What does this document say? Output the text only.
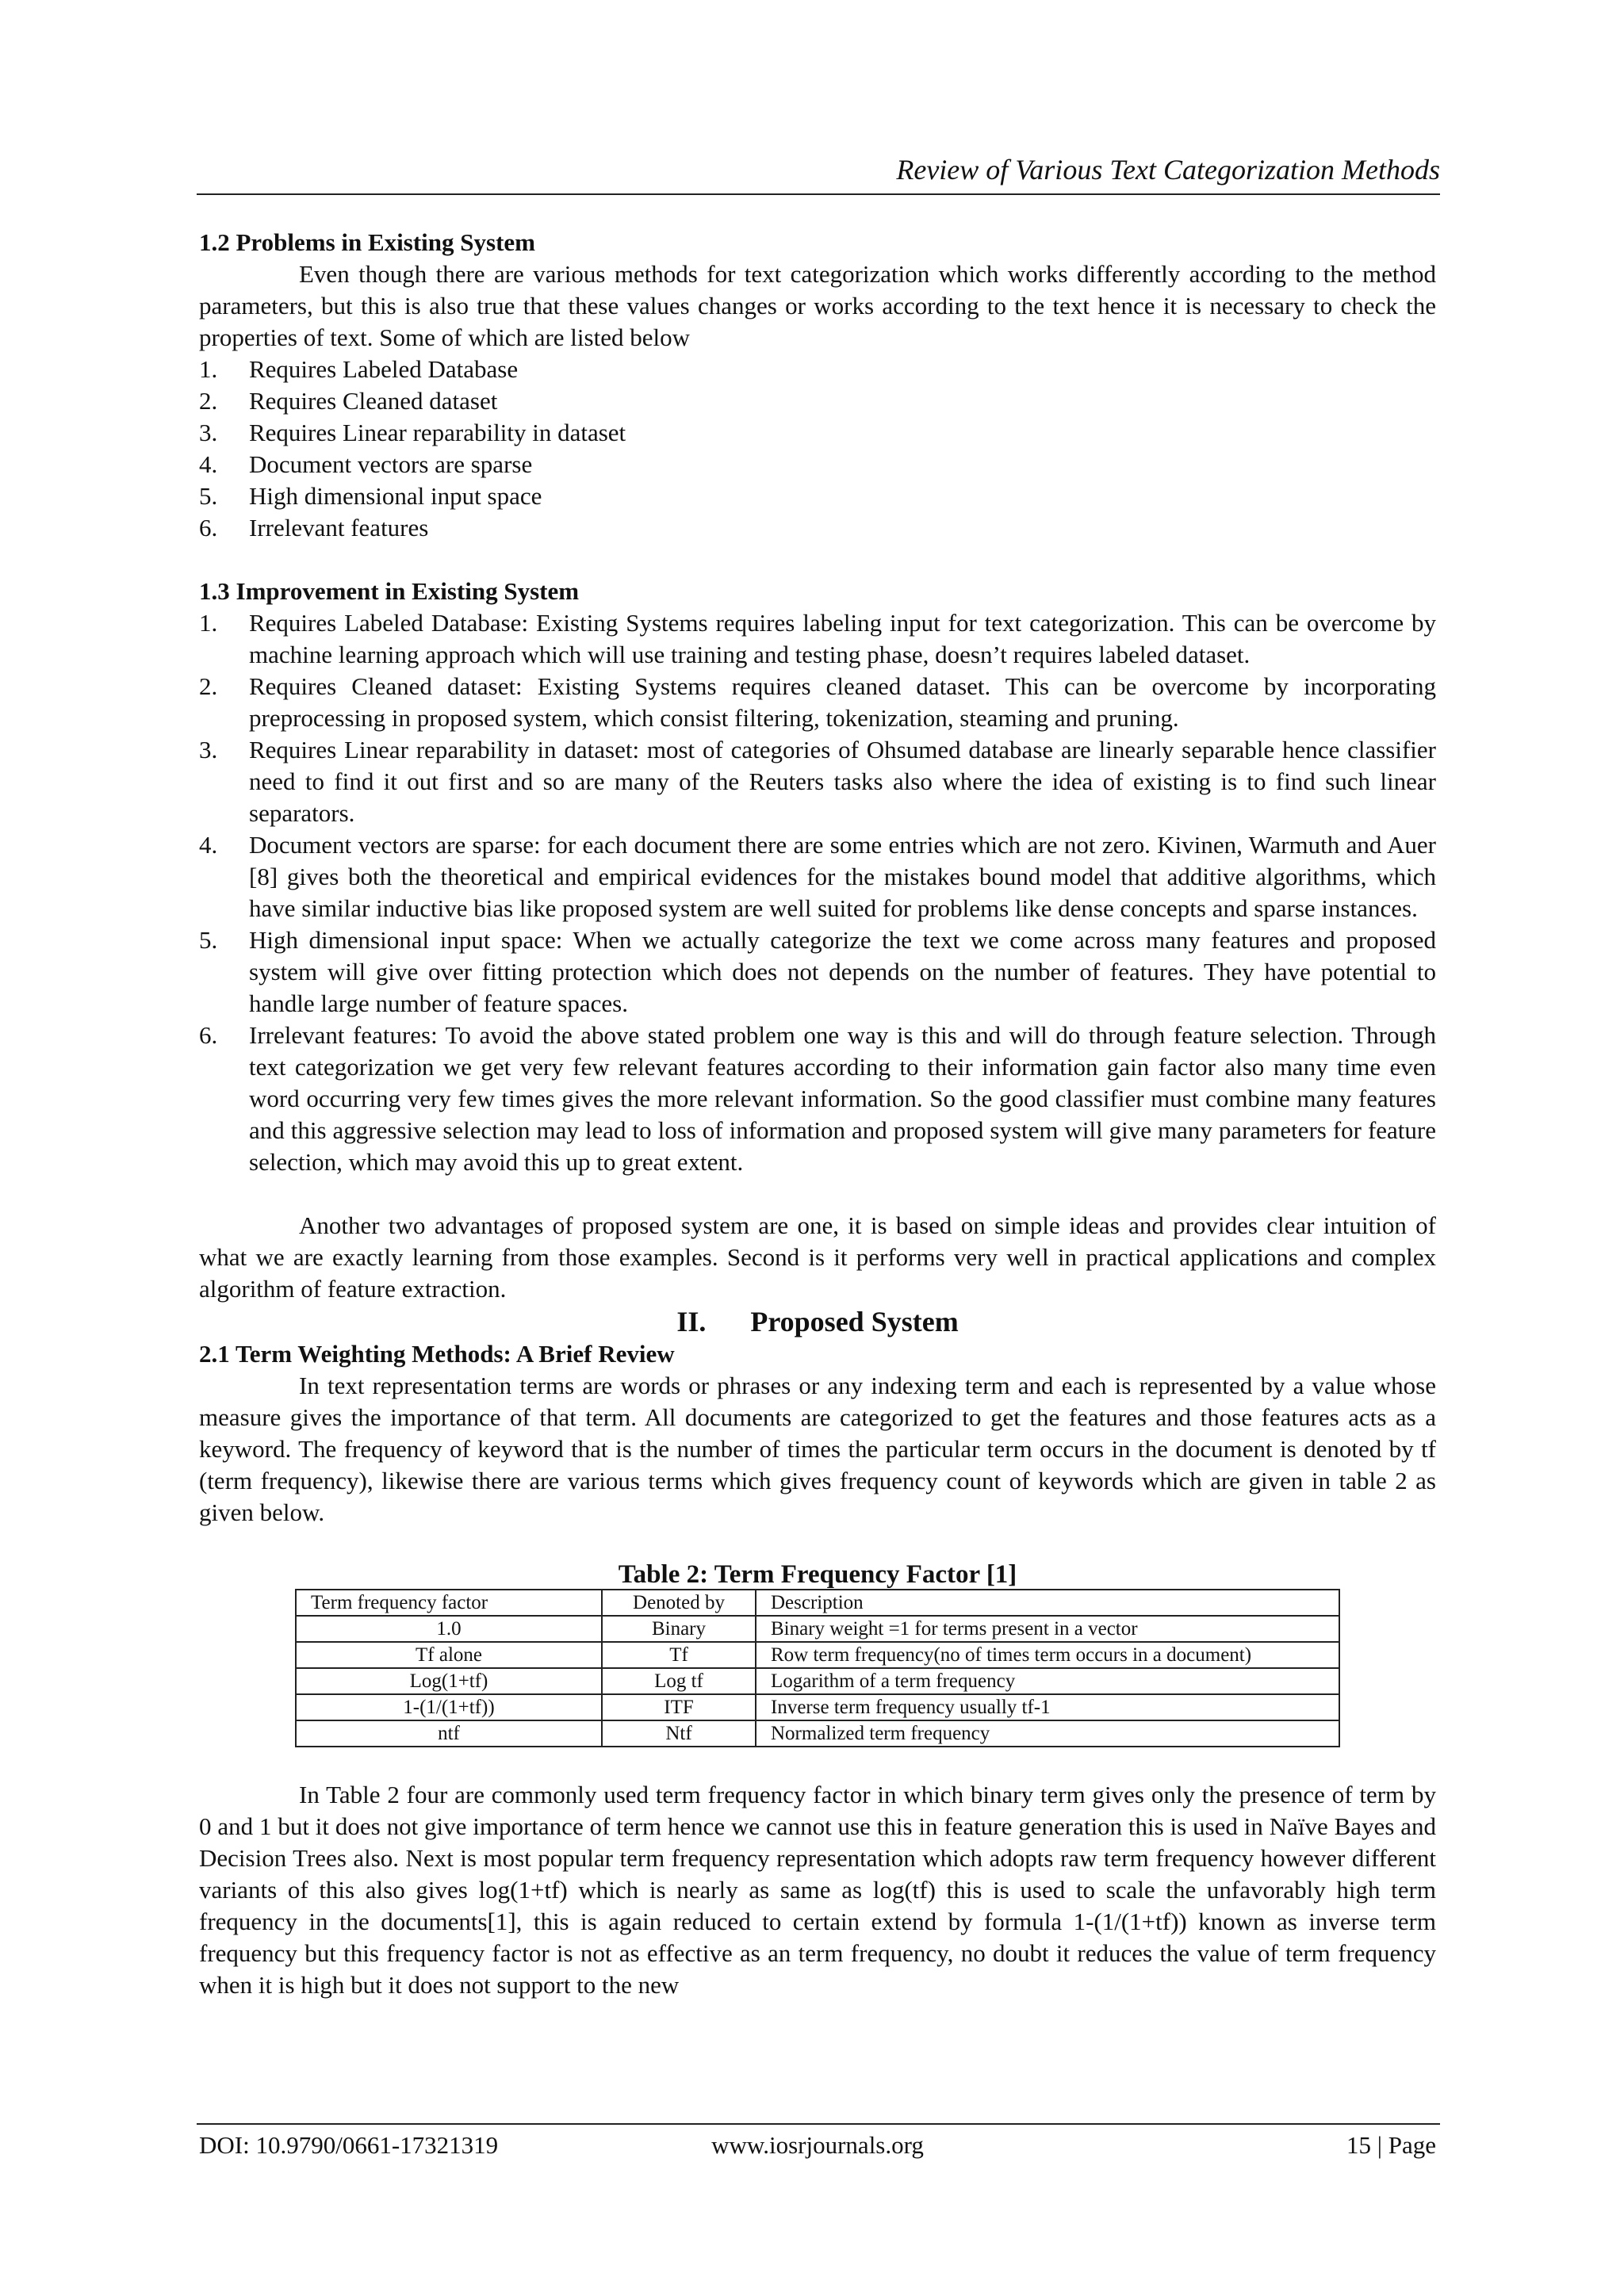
Review of Various Text Categorization Methods
1.2 Problems in Existing System

Even though there are various methods for text categorization which works differently according to the method parameters, but this is also true that these values changes or works according to the text hence it is necessary to check the properties of text. Some of which are listed below

1.	Requires Labeled Database
2.	Requires Cleaned dataset
3.	Requires Linear reparability in dataset
4.	Document vectors are sparse
5.	High dimensional input space
6.	Irrelevant features
1.3 Improvement in Existing System
1.	Requires Labeled Database: Existing Systems requires labeling input for text categorization. This can be overcome by machine learning approach which will use training and testing phase, doesn’t requires labeled dataset.
2.	Requires Cleaned dataset: Existing Systems requires cleaned dataset. This can be overcome by incorporating preprocessing in proposed system, which consist filtering, tokenization, steaming and pruning.
3.	Requires Linear reparability in dataset: most of categories of Ohsumed database are linearly separable hence classifier need to find it out first and so are many of the Reuters tasks also where the idea of existing is to find such linear separators.
4.	Document vectors are sparse: for each document there are some entries which are not zero. Kivinen, Warmuth and Auer [8] gives both the theoretical and empirical evidences for the mistakes bound model that additive algorithms, which have similar inductive bias like proposed system are well suited for problems like dense concepts and sparse instances.
5.	High dimensional input space: When we actually categorize the text we come across many features and proposed system will give over fitting protection which does not depends on the number of features. They have potential to handle large number of feature spaces.
6.	Irrelevant features: To avoid the above stated problem one way is this and will do through feature selection. Through text categorization we get very few relevant features according to their information gain factor also many time even word occurring very few times gives the more relevant information. So the good classifier must combine many features and this aggressive selection may lead to loss of information and proposed system will give many parameters for feature selection, which may avoid this up to great extent.

Another two advantages of proposed system are one, it is based on simple ideas and provides clear intuition of what we are exactly learning from those examples. Second is it performs very well in practical applications and complex algorithm of feature extraction.

II. Proposed System
2.1 Term Weighting Methods: A Brief Review

In text representation terms are words or phrases or any indexing term and each is represented by a value whose measure gives the importance of that term. All documents are categorized to get the features and those features acts as a keyword. The frequency of keyword that is the number of times the particular term occurs in the document is denoted by tf (term frequency), likewise there are various terms which gives frequency count of keywords which are given in table 2 as given below.

Table 2: Term Frequency Factor [1]

Term frequency factor	Denoted by	Description
1.0	Binary	Binary weight =1 for terms present in a vector
Tf alone	Tf	Row term frequency(no of times term occurs in a document)
Log(1+tf)	Log tf	Logarithm of a term frequency
1-(1/(1+tf))	ITF	Inverse term frequency usually tf-1
ntf	Ntf	Normalized term frequency

In Table 2 four are commonly used term frequency factor in which binary term gives only the presence of term by 0 and 1 but it does not give importance of term hence we cannot use this in feature generation this is used in Naïve Bayes and Decision Trees also. Next is most popular term frequency representation which adopts raw term frequency however different variants of this also gives log(1+tf) which is nearly as same as log(tf) this is used to scale the unfavorably high term frequency in the documents[1], this is again reduced to certain extend by formula 1-(1/(1+tf)) known as inverse term frequency but this frequency factor is not as effective as an term frequency, no doubt it reduces the value of term frequency when it is high but it does not support to the new

www.iosrjournals.org
DOI: 10.9790/0661-17321319	15 | Page
